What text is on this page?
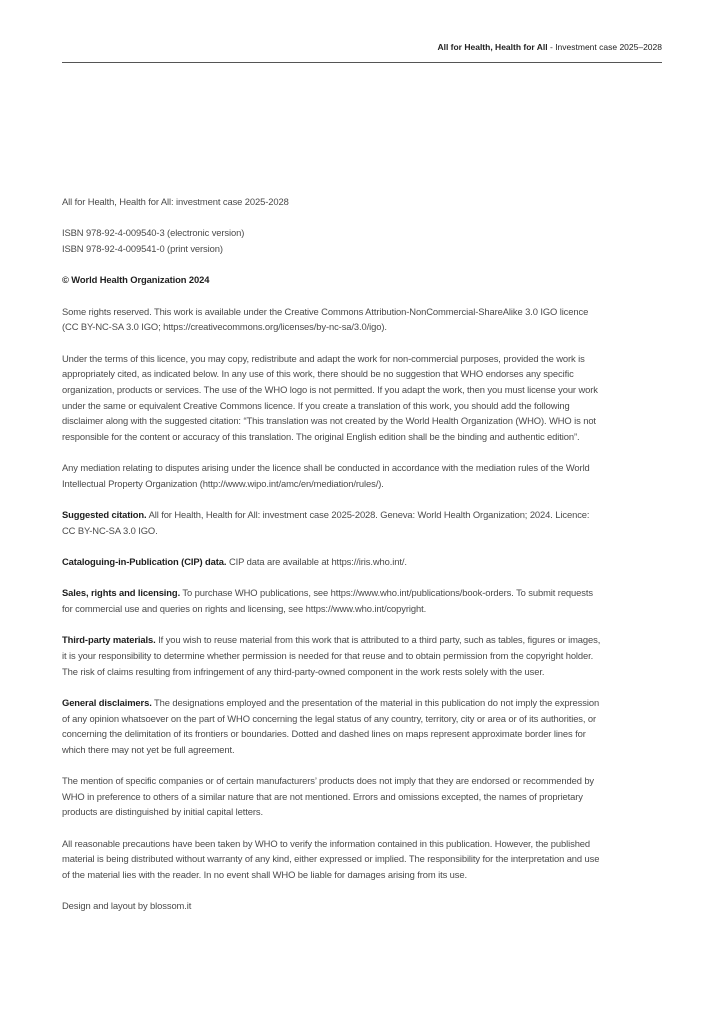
All for Health, Health for All - Investment case 2025–2028

All for Health, Health for All: investment case 2025-2028

ISBN 978-92-4-009540-3 (electronic version)
ISBN 978-92-4-009541-0 (print version)

© World Health Organization 2024

Some rights reserved. This work is available under the Creative Commons Attribution-NonCommercial-ShareAlike 3.0 IGO licence (CC BY-NC-SA 3.0 IGO; https://creativecommons.org/licenses/by-nc-sa/3.0/igo).

Under the terms of this licence, you may copy, redistribute and adapt the work for non-commercial purposes, provided the work is appropriately cited, as indicated below. In any use of this work, there should be no suggestion that WHO endorses any specific organization, products or services. The use of the WHO logo is not permitted. If you adapt the work, then you must license your work under the same or equivalent Creative Commons licence. If you create a translation of this work, you should add the following disclaimer along with the suggested citation: “This translation was not created by the World Health Organization (WHO). WHO is not responsible for the content or accuracy of this translation. The original English edition shall be the binding and authentic edition”.

Any mediation relating to disputes arising under the licence shall be conducted in accordance with the mediation rules of the World Intellectual Property Organization (http://www.wipo.int/amc/en/mediation/rules/).

Suggested citation. All for Health, Health for All: investment case 2025-2028. Geneva: World Health Organization; 2024. Licence: CC BY-NC-SA 3.0 IGO.

Cataloguing-in-Publication (CIP) data. CIP data are available at https://iris.who.int/.

Sales, rights and licensing. To purchase WHO publications, see https://www.who.int/publications/book-orders. To submit requests for commercial use and queries on rights and licensing, see https://www.who.int/copyright.

Third-party materials. If you wish to reuse material from this work that is attributed to a third party, such as tables, figures or images, it is your responsibility to determine whether permission is needed for that reuse and to obtain permission from the copyright holder. The risk of claims resulting from infringement of any third-party-owned component in the work rests solely with the user.

General disclaimers. The designations employed and the presentation of the material in this publication do not imply the expression of any opinion whatsoever on the part of WHO concerning the legal status of any country, territory, city or area or of its authorities, or concerning the delimitation of its frontiers or boundaries. Dotted and dashed lines on maps represent approximate border lines for which there may not yet be full agreement.

The mention of specific companies or of certain manufacturers’ products does not imply that they are endorsed or recommended by WHO in preference to others of a similar nature that are not mentioned. Errors and omissions excepted, the names of proprietary products are distinguished by initial capital letters.

All reasonable precautions have been taken by WHO to verify the information contained in this publication. However, the published material is being distributed without warranty of any kind, either expressed or implied. The responsibility for the interpretation and use of the material lies with the reader. In no event shall WHO be liable for damages arising from its use.

Design and layout by blossom.it
